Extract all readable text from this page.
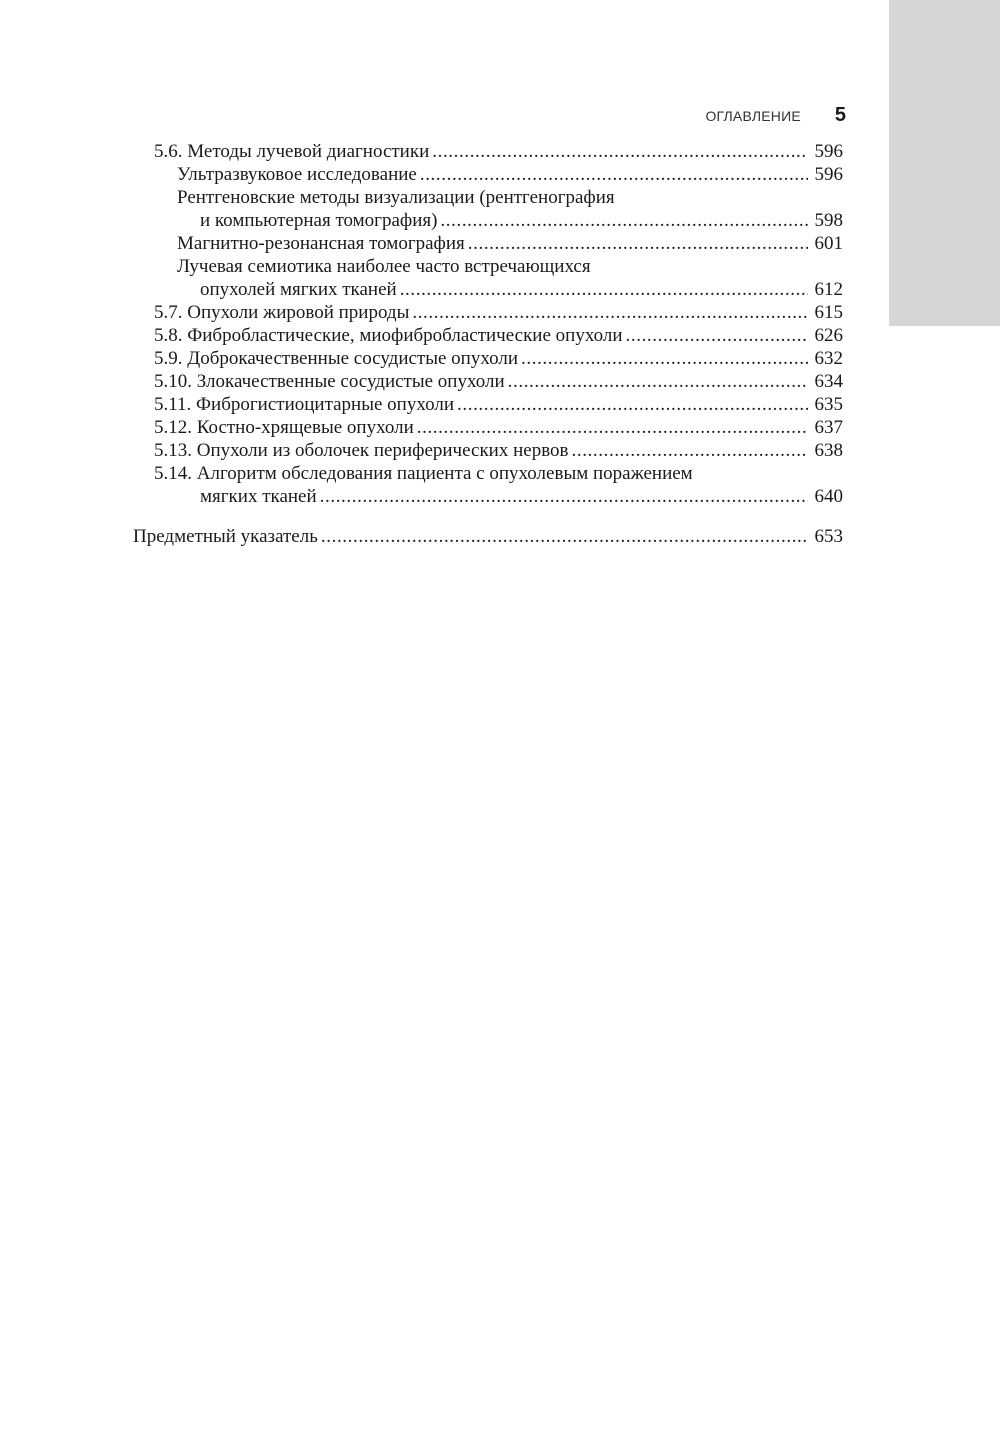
ОГЛАВЛЕНИЕ 5
5.6. Методы лучевой диагностики .....	596
Ультразвуковое исследование .....	596
Рентгеновские методы визуализации (рентгенография
и компьютерная томография) .....	598
Магнитно-резонансная томография .....	601
Лучевая семиотика наиболее часто встречающихся
опухолей мягких тканей .....	612
5.7. Опухоли жировой природы .....	615
5.8. Фибробластические, миофибробластические опухоли .....	626
5.9. Доброкачественные сосудистые опухоли .....	632
5.10. Злокачественные сосудистые опухоли .....	634
5.11. Фиброгистиоцитарные опухоли .....	635
5.12. Костно-хрящевые опухоли .....	637
5.13. Опухоли из оболочек периферических нервов .....	638
5.14. Алгоритм обследования пациента с опухолевым поражением
мягких тканей .....	640
Предметный указатель .....	653
